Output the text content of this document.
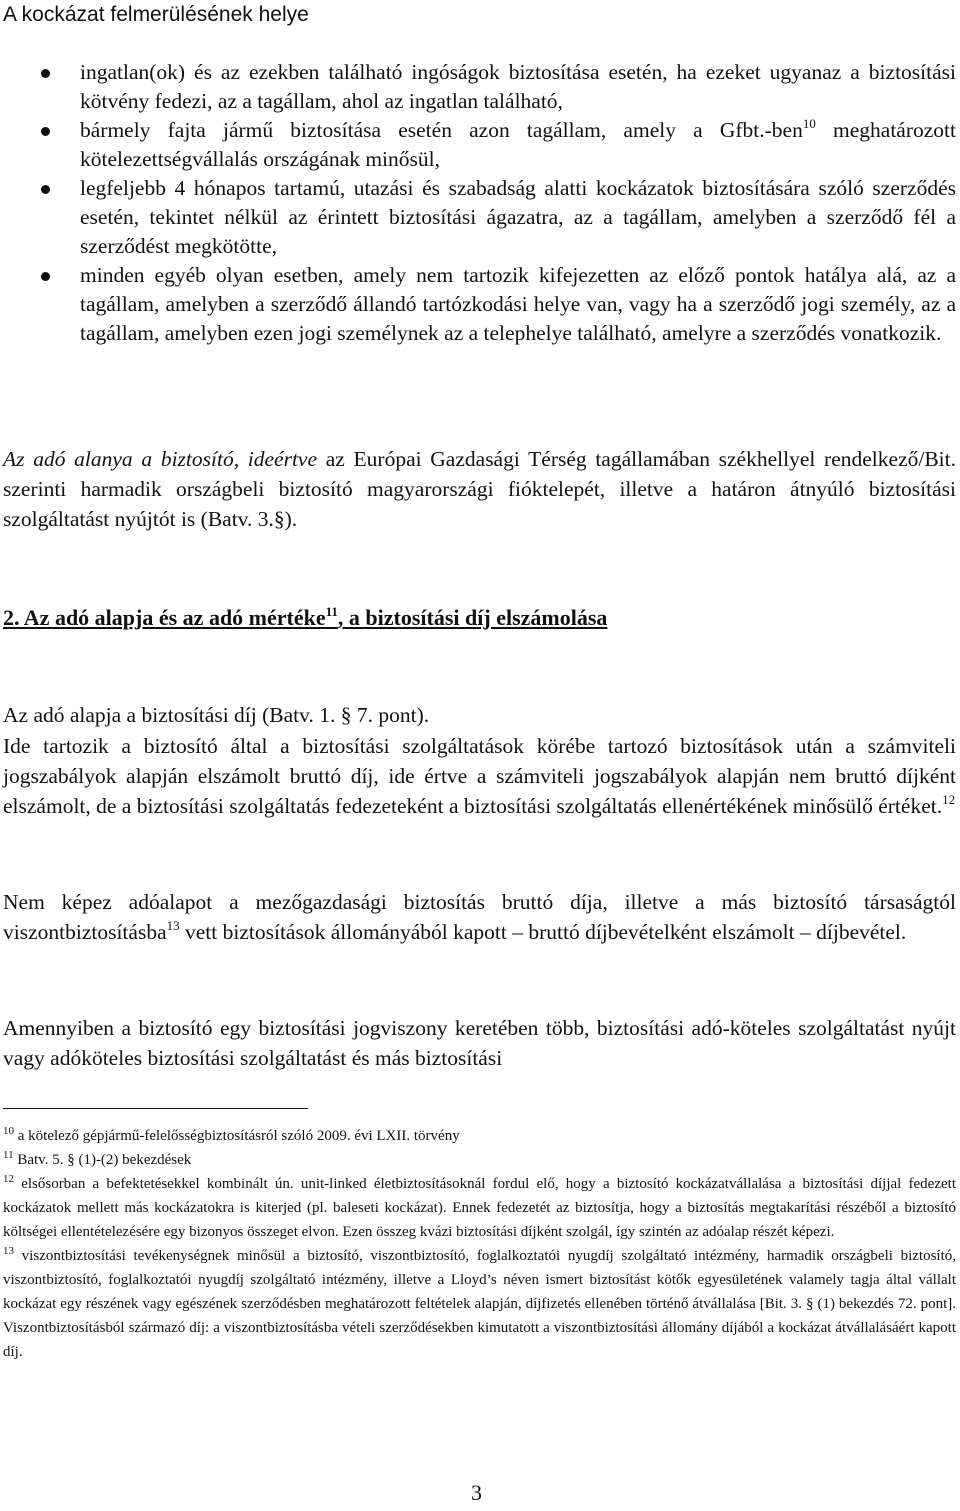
A kockázat felmerülésének helye
ingatlan(ok) és az ezekben található ingóságok biztosítása esetén, ha ezeket ugyanaz a biztosítási kötvény fedezi, az a tagállam, ahol az ingatlan található,
bármely fajta jármű biztosítása esetén azon tagállam, amely a Gfbt.-ben$^{10}$ meghatározott kötelezettségvállalás országának minősül,
legfeljebb 4 hónapos tartamú, utazási és szabadság alatti kockázatok biztosítására szóló szerződés esetén, tekintet nélkül az érintett biztosítási ágazatra, az a tagállam, amelyben a szerződő fél a szerződést megkötötte,
minden egyéb olyan esetben, amely nem tartozik kifejezetten az előző pontok hatálya alá, az a tagállam, amelyben a szerződő állandó tartózkodási helye van, vagy ha a szerződő jogi személy, az a tagállam, amelyben ezen jogi személynek az a telephelye található, amelyre a szerződés vonatkozik.

Az adó alanya a biztosító, ideértve az Európai Gazdasági Térség tagállamában székhellyel rendelkező/Bit. szerinti harmadik országbeli biztosító magyarországi fióktelepét, illetve a határon átnyúló biztosítási szolgáltatást nyújtót is (Batv. 3.§).

2. Az adó alapja és az adó mértéke$^{11}$, a biztosítási díj elszámolása

Az adó alapja a biztosítási díj (Batv. 1. § 7. pont).

Ide tartozik a biztosító által a biztosítási szolgáltatások körébe tartozó biztosítások után a számviteli jogszabályok alapján elszámolt bruttó díj, ide értve a számviteli jogszabályok alapján nem bruttó díjként elszámolt, de a biztosítási szolgáltatás fedezeteként a biztosítási szolgáltatás ellenértékének minősülő értéket.$^{12}$

Nem képez adóalapot a mezőgazdasági biztosítás bruttó díja, illetve a más biztosító társaságtól viszontbiztosításba$^{13}$ vett biztosítások állományából kapott – bruttó díjbevételként elszámolt – díjbevétel.

Amennyiben a biztosító egy biztosítási jogviszony keretében több, biztosítási adó-köteles szolgáltatást nyújt vagy adóköteles biztosítási szolgáltatást és más biztosítási

$^{10}$ a kötelező gépjármű-felelősségbiztosításról szóló 2009. évi LXII. törvény

$^{11}$ Batv. 5. § (1)-(2) bekezdések

$^{12}$ elsősorban a befektetésekkel kombinált ún. unit-linked életbiztosításoknál fordul elő, hogy a biztosító kockázatvállalása a biztosítási díjjal fedezett kockázatok mellett más kockázatokra is kiterjed (pl. baleseti kockázat). Ennek fedezetét az biztosítja, hogy a biztosítás megtakarítási részéből a biztosító költségei ellentételezésére egy bizonyos összeget elvon. Ezen összeg kvázi biztosítási díjként szolgál, így szintén az adóalap részét képezi.

$^{13}$ viszontbiztosítási tevékenységnek minősül a biztosító, viszontbiztosító, foglalkoztatói nyugdíj szolgáltató intézmény, harmadik országbeli biztosító, viszontbiztosító, foglalkoztatói nyugdíj szolgáltató intézmény, illetve a Lloyd’s néven ismert biztosítást kötők egyesületének valamely tagja által vállalt kockázat egy részének vagy egészének szerződésben meghatározott feltételek alapján, díjfizetés ellenében történő átvállalása [Bit. 3. § (1) bekezdés 72. pont]. Viszontbiztosításból származó díj: a viszontbiztosításba vételi szerződésekben kimutatott a viszontbiztosítási állomány díjából a kockázat átvállalásáért kapott díj.

3
